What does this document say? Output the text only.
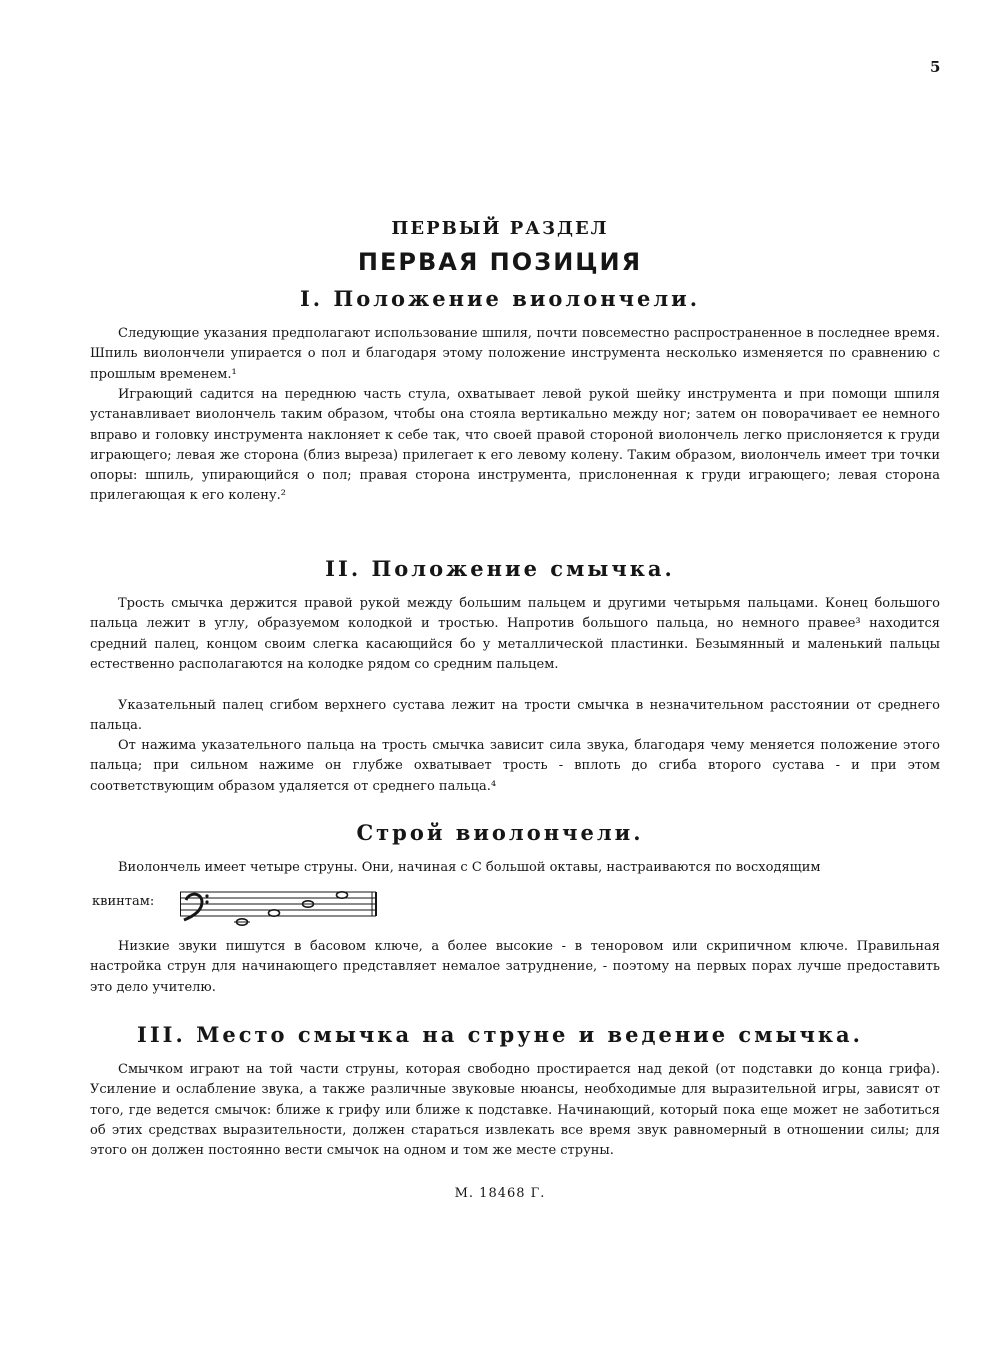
5
ПЕРВЫЙ РАЗДЕЛ
ПЕРВАЯ ПОЗИЦИЯ
I. Положение виолончели.

Следующие указания предполагают использование шпиля, почти повсеместно распространенное в последнее время. Шпиль виолончели упирается о пол и благодаря этому положение инструмента несколько изменяется по сравнению с прошлым временем.¹

Играющий садится на переднюю часть стула, охватывает левой рукой шейку инструмента и при помощи шпиля устанавливает виолончель таким образом, чтобы она стояла вертикально между ног; затем он поворачивает ее немного вправо и головку инструмента наклоняет к себе так, что своей правой стороной виолончель легко прислоняется к груди играющего; левая же сторона (близ выреза) прилегает к его левому колену. Таким образом, виолончель имеет три точки опоры: шпиль, упирающийся о пол; правая сторона инструмента, прислоненная к груди играющего; левая сторона прилегающая к его колену.²

II. Положение смычка.

Трость смычка держится правой рукой между большим пальцем и другими четырьмя пальцами. Конец большого пальца лежит в углу, образуемом колодкой и тростью. Напротив большого пальца, но немного правее³ находится средний палец, концом своим слегка касающийся бо у металлической пластинки. Безымянный и маленький пальцы естественно располагаются на колодке рядом со средним пальцем.

Указательный палец сгибом верхнего сустава лежит на трости смычка в незначительном расстоянии от среднего пальца.

От нажима указательного пальца на трость смычка зависит сила звука, благодаря чему меняется положение этого пальца; при сильном нажиме он глубже охватывает трость - вплоть до сгиба второго сустава - и при этом соответствующим образом удаляется от среднего пальца.⁴

Строй виолончели.

Виолончель имеет четыре струны. Они, начиная с С большой октавы, настраиваются по восходящим

квинтам:

Низкие звуки пишутся в басовом ключе, а более высокие - в теноровом или скрипичном ключе. Правильная настройка струн для начинающего представляет немалое затруднение, - поэтому на первых порах лучше предоставить это дело учителю.

III. Место смычка на струне и ведение смычка.

Смычком играют на той части струны, которая свободно простирается над декой (от подставки до конца грифа). Усиление и ослабление звука, а также различные звуковые нюансы, необходимые для выразительной игры, зависят от того, где ведется смычок: ближе к грифу или ближе к подставке. Начинающий, который пока еще может не заботиться об этих средствах выразительности, должен стараться извлекать все время звук равномерный в отношении силы; для этого он должен постоянно вести смычок на одном и том же месте струны.

М. 18468 Г.
